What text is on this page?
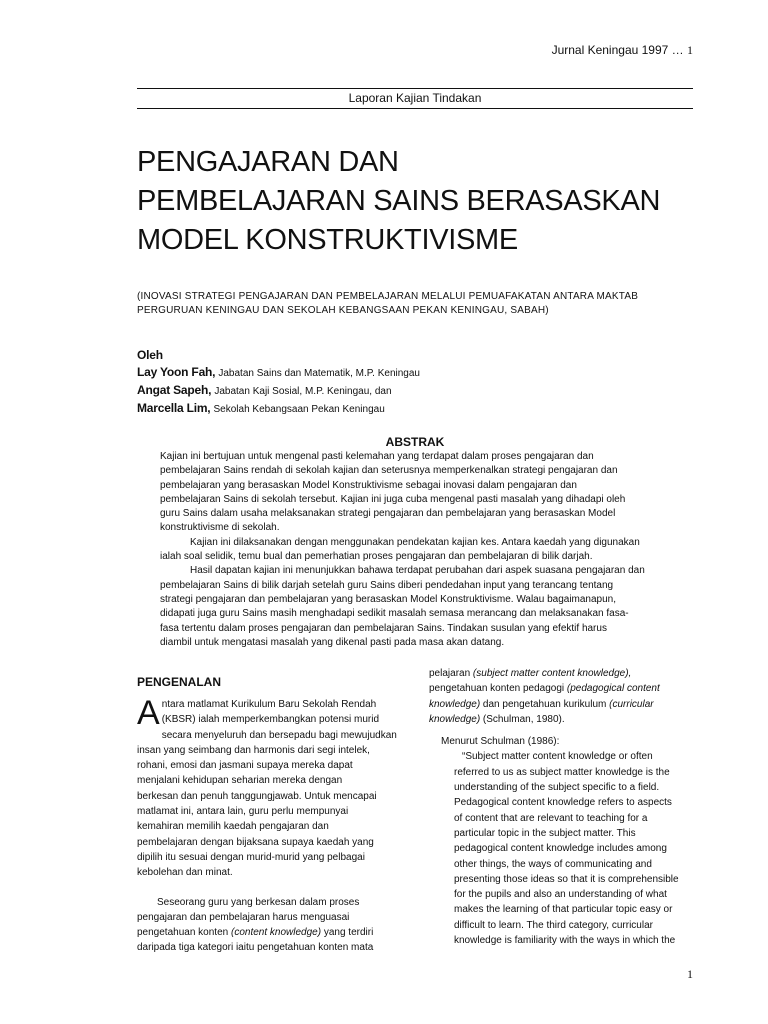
Jurnal Keningau 1997 … 1
Laporan Kajian Tindakan
PENGAJARAN DAN
PEMBELAJARAN SAINS BERASASKAN
MODEL KONSTRUKTIVISME
(INOVASI STRATEGI PENGAJARAN DAN PEMBELAJARAN MELALUI PEMUAFAKATAN ANTARA MAKTAB
PERGURUAN KENINGAU DAN SEKOLAH KEBANGSAAN PEKAN KENINGAU, SABAH)
Oleh
Lay Yoon Fah, Jabatan Sains dan Matematik, M.P. Keningau
Angat Sapeh, Jabatan Kaji Sosial, M.P. Keningau, dan
Marcella Lim, Sekolah Kebangsaan Pekan Keningau
ABSTRAK

Kajian ini bertujuan untuk mengenal pasti kelemahan yang terdapat dalam proses pengajaran dan

pembelajaran Sains rendah di sekolah kajian dan seterusnya memperkenalkan strategi pengajaran dan

pembelajaran yang berasaskan Model Konstruktivisme sebagai inovasi dalam pengajaran dan

pembelajaran Sains di sekolah tersebut. Kajian ini juga cuba mengenal pasti masalah yang dihadapi oleh

guru Sains dalam usaha melaksanakan strategi pengajaran dan pembelajaran yang berasaskan Model

konstruktivisme di sekolah.

Kajian ini dilaksanakan dengan menggunakan pendekatan kajian kes. Antara kaedah yang digunakan

ialah soal selidik, temu bual dan pemerhatian proses pengajaran dan pembelajaran di bilik darjah.

Hasil dapatan kajian ini menunjukkan bahawa terdapat perubahan dari aspek suasana pengajaran dan

pembelajaran Sains di bilik darjah setelah guru Sains diberi pendedahan input yang terancang tentang

strategi pengajaran dan pembelajaran yang berasaskan Model Konstruktivisme. Walau bagaimanapun,

didapati juga guru Sains masih menghadapi sedikit masalah semasa merancang dan melaksanakan fasa-

fasa tertentu dalam proses pengajaran dan pembelajaran Sains. Tindakan susulan yang efektif harus

diambil untuk mengatasi masalah yang dikenal pasti pada masa akan datang.

PENGENALAN

Antara matlamat Kurikulum Baru Sekolah Rendah
(KBSR) ialah memperkembangkan potensi murid
secara menyeluruh dan bersepadu bagi mewujudkan
insan yang seimbang dan harmonis dari segi intelek,
rohani, emosi dan jasmani supaya mereka dapat
menjalani kehidupan seharian mereka dengan
berkesan dan penuh tanggungjawab. Untuk mencapai
matlamat ini, antara lain, guru perlu mempunyai
kemahiran memilih kaedah pengajaran dan
pembelajaran dengan bijaksana supaya kaedah yang
dipilih itu sesuai dengan murid-murid yang pelbagai
kebolehan dan minat.

Seseorang guru yang berkesan dalam proses

pengajaran dan pembelajaran harus menguasai
pengetahuan konten (content knowledge) yang terdiri
daripada tiga kategori iaitu pengetahuan konten mata

pelajaran (subject matter content knowledge),
pengetahuan konten pedagogi (pedagogical content
knowledge) dan pengetahuan kurikulum (curricular
knowledge) (Schulman, 1980).

Menurut Schulman (1986):

“Subject matter content knowledge or often

referred to us as subject matter knowledge is the

understanding of the subject specific to a field.

Pedagogical content knowledge refers to aspects

of content that are relevant to teaching for a

particular topic in the subject matter. This

pedagogical content knowledge includes among

other things, the ways of communicating and

presenting those ideas so that it is comprehensible

for the pupils and also an understanding of what

makes the learning of that particular topic easy or

difficult to learn. The third category, curricular

knowledge is familiarity with the ways in which the

1
